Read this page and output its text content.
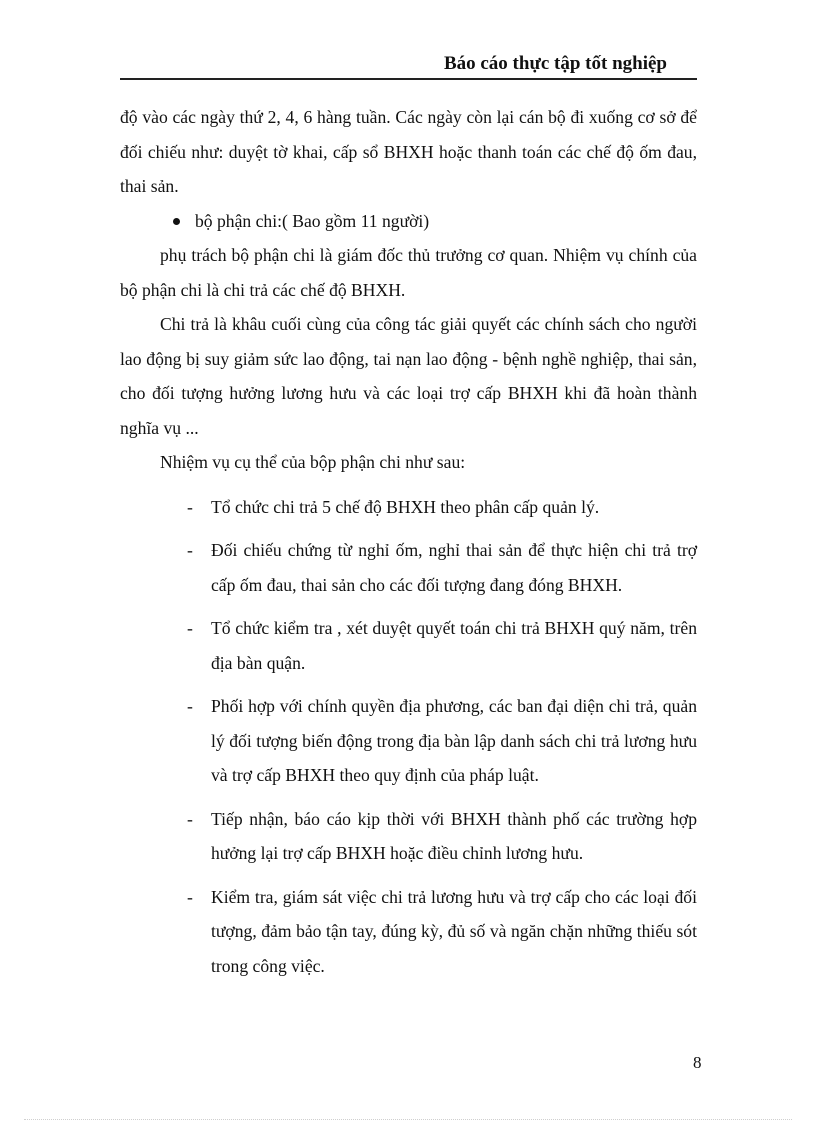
Báo cáo thực tập tốt nghiệp

độ vào các ngày thứ 2, 4, 6 hàng tuần. Các ngày còn lại cán bộ đi xuống cơ sở để đối chiếu như: duyệt tờ khai, cấp sổ BHXH hoặc thanh toán các chế độ ốm đau, thai sản.

bộ phận chi:( Bao gồm 11 người)

phụ trách bộ phận chi là giám đốc thủ trưởng cơ quan. Nhiệm vụ chính của bộ phận chi là chi trả các chế độ BHXH.

Chi trả là khâu cuối cùng của công tác giải quyết các chính sách cho người lao động bị suy giảm sức lao động, tai nạn lao động - bệnh nghề nghiệp, thai sản, cho đối tượng hưởng lương hưu và các loại trợ cấp BHXH khi đã hoàn thành nghĩa vụ ...

Nhiệm vụ cụ thể của bộp phận chi như sau:

-	Tổ chức chi trả 5 chế độ BHXH theo phân cấp quản lý.
-	Đối chiếu chứng từ nghỉ ốm, nghỉ thai sản để thực hiện chi trả trợ cấp ốm đau, thai sản cho các đối tượng đang đóng BHXH.
-	Tổ chức kiểm tra , xét duyệt quyết toán chi trả BHXH quý năm, trên địa bàn quận.
-	Phối hợp với chính quyền địa phương, các ban đại diện chi trả, quản lý đối tượng biến động trong địa bàn lập danh sách chi trả lương hưu và trợ cấp BHXH theo quy định của pháp luật.
-	Tiếp nhận, báo cáo kịp thời với BHXH thành phố các trường hợp hưởng lại trợ cấp BHXH hoặc điều chỉnh lương hưu.
-	Kiểm tra, giám sát việc chi trả lương hưu và trợ cấp cho các loại đối tượng, đảm bảo tận tay, đúng kỳ, đủ số và ngăn chặn những thiếu sót trong công việc.
8
